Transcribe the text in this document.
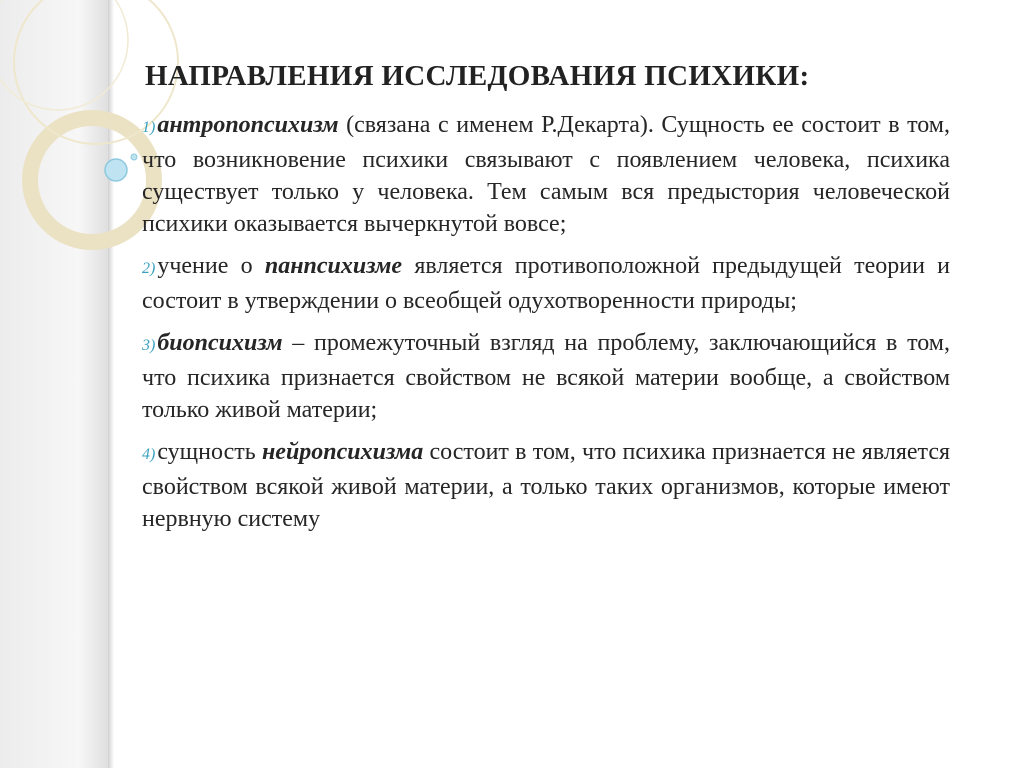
НАПРАВЛЕНИЯ ИССЛЕДОВАНИЯ ПСИХИКИ:
1)антропопсихизм (связана с именем Р.Декарта). Сущность ее состоит в том, что возникновение психики связывают с появлением человека, психика существует только у человека. Тем самым вся предыстория человеческой психики оказывается вычеркнутой вовсе;
2)учение о панпсихизме является противоположной предыдущей теории и состоит в утверждении о всеобщей одухотворенности природы;
3)биопсихизм – промежуточный взгляд на проблему, заключающийся в том, что психика признается свойством не всякой материи вообще, а свойством только живой материи;
4)сущность нейропсихизма состоит в том, что психика признается не является свойством всякой живой материи, а только таких организмов, которые имеют нервную систему
